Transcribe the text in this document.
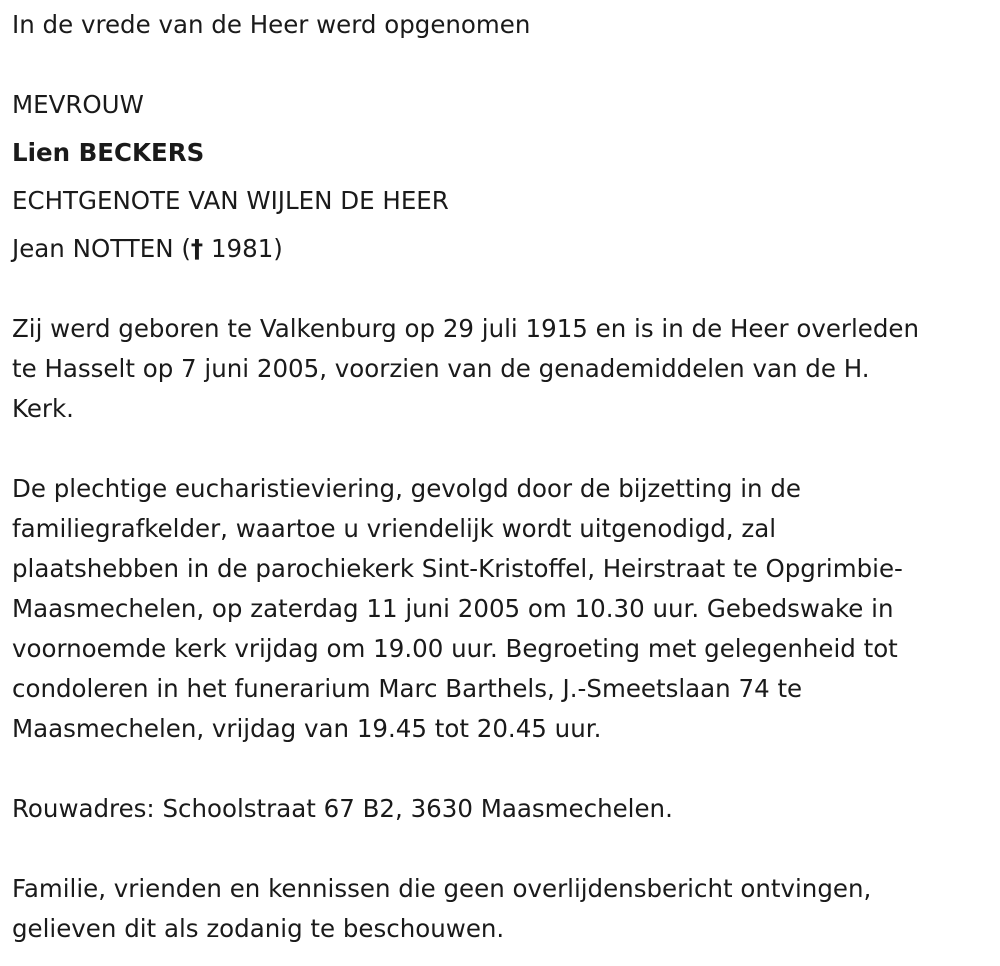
In de vrede van de Heer werd opgenomen
MEVROUW
Lien BECKERS
ECHTGENOTE VAN WIJLEN DE HEER
Jean NOTTEN († 1981)
Zij werd geboren te Valkenburg op 29 juli 1915 en is in de Heer overleden
te Hasselt op 7 juni 2005, voorzien van de genademiddelen van de H.
Kerk.
De plechtige eucharistieviering, gevolgd door de bijzetting in de
familiegrafkelder, waartoe u vriendelijk wordt uitgenodigd, zal
plaatshebben in de parochiekerk Sint-Kristoffel, Heirstraat te Opgrimbie-
Maasmechelen, op zaterdag 11 juni 2005 om 10.30 uur. Gebedswake in
voornoemde kerk vrijdag om 19.00 uur. Begroeting met gelegenheid tot
condoleren in het funerarium Marc Barthels, J.-Smeetslaan 74 te
Maasmechelen, vrijdag van 19.45 tot 20.45 uur.
Rouwadres: Schoolstraat 67 B2, 3630 Maasmechelen.
Familie, vrienden en kennissen die geen overlijdensbericht ontvingen,
gelieven dit als zodanig te beschouwen.
